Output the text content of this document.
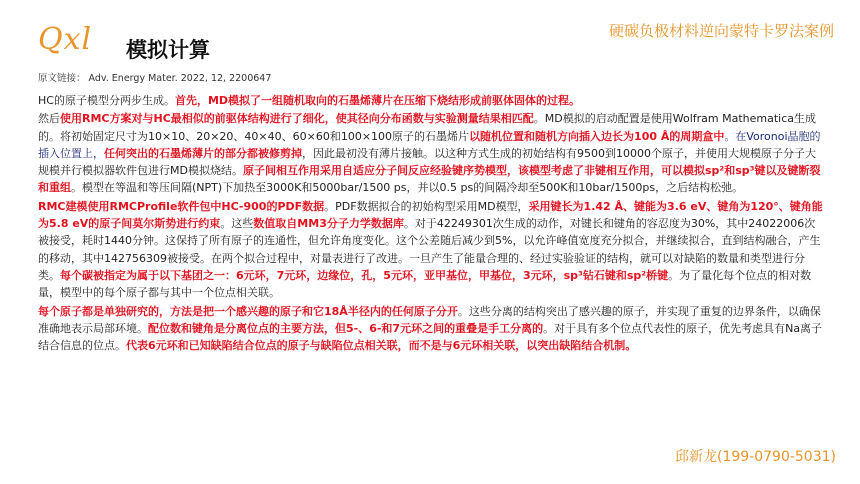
Qxl 模拟计算
硬碳负极材料逆向蒙特卡罗法案例
原文链接： Adv. Energy Mater. 2022, 12, 2200647

HC的原子模型分两步生成。首先，MD模拟了一组随机取向的石墨烯薄片在压缩下烧结形成前驱体固体的过程。

然后使用RMC方案对与HC最相似的前驱体结构进行了细化，使其径向分布函数与实验测量结果相匹配。MD模拟的启动配置是使用Wolfram Mathematica生成的。将初始固定尺寸为10×10、20×20、40×40、60×60和100×100原子的石墨烯片以随机位置和随机方向插入边长为100 Å的周期盒中。在Voronoi晶胞的插入位置上，任何突出的石墨烯薄片的部分都被修剪掉，因此最初没有薄片接触。以这种方式生成的初始结构有9500到10000个原子，并使用大规模原子分子大规模并行模拟器软件包进行MD模拟烧结。原子间相互作用采用自适应分子间反应经验键序势模型，该模型考虑了非键相互作用，可以模拟sp²和sp³键以及键断裂和重组。模型在等温和等压间隔(NPT)下加热至3000K和5000bar/1500 ps，并以0.5 ps的间隔冷却至500K和10bar/1500ps，之后结构松弛。

RMC建模使用RMCProfile软件包中HC-900的PDF数据。PDF数据拟合的初始构型采用MD模型，采用键长为1.42 Å、键能为3.6 eV、键角为120°、键角能为5.8 eV的原子间莫尔斯势进行约束。这些数值取自MM3分子力学数据库。对于42249301次生成的动作，对键长和键角的容忍度为30%，其中24022006次被接受，耗时1440分钟。这保持了所有原子的连通性，但允许角度变化。这个公差随后减少到5%，以允许峰值宽度充分拟合，并继续拟合，直到结构融合，产生的移动，其中142756309被接受。在两个拟合过程中，对量表进行了改进。一旦产生了能量合理的、经过实验验证的结构，就可以对缺陷的数量和类型进行分类。每个碳被指定为属于以下基团之一：6元环，7元环，边缘位，孔，5元环，亚甲基位，甲基位，3元环，sp³钻石键和sp²桥键。为了量化每个位点的相对数量，模型中的每个原子都与其中一个位点相关联。

每个原子都是单独研究的，方法是把一个感兴趣的原子和它18Å半径内的任何原子分开。这些分离的结构突出了感兴趣的原子，并实现了重复的边界条件，以确保准确地表示局部环境。配位数和键角是分离位点的主要方法，但5-、6-和7元环之间的重叠是手工分离的。对于具有多个位点代表性的原子，优先考虑具有Na离子结合信息的位点。代表6元环和已知缺陷结合位点的原子与缺陷位点相关联，而不是与6元环相关联，以突出缺陷结合机制。

邱新龙(199-0790-5031)
